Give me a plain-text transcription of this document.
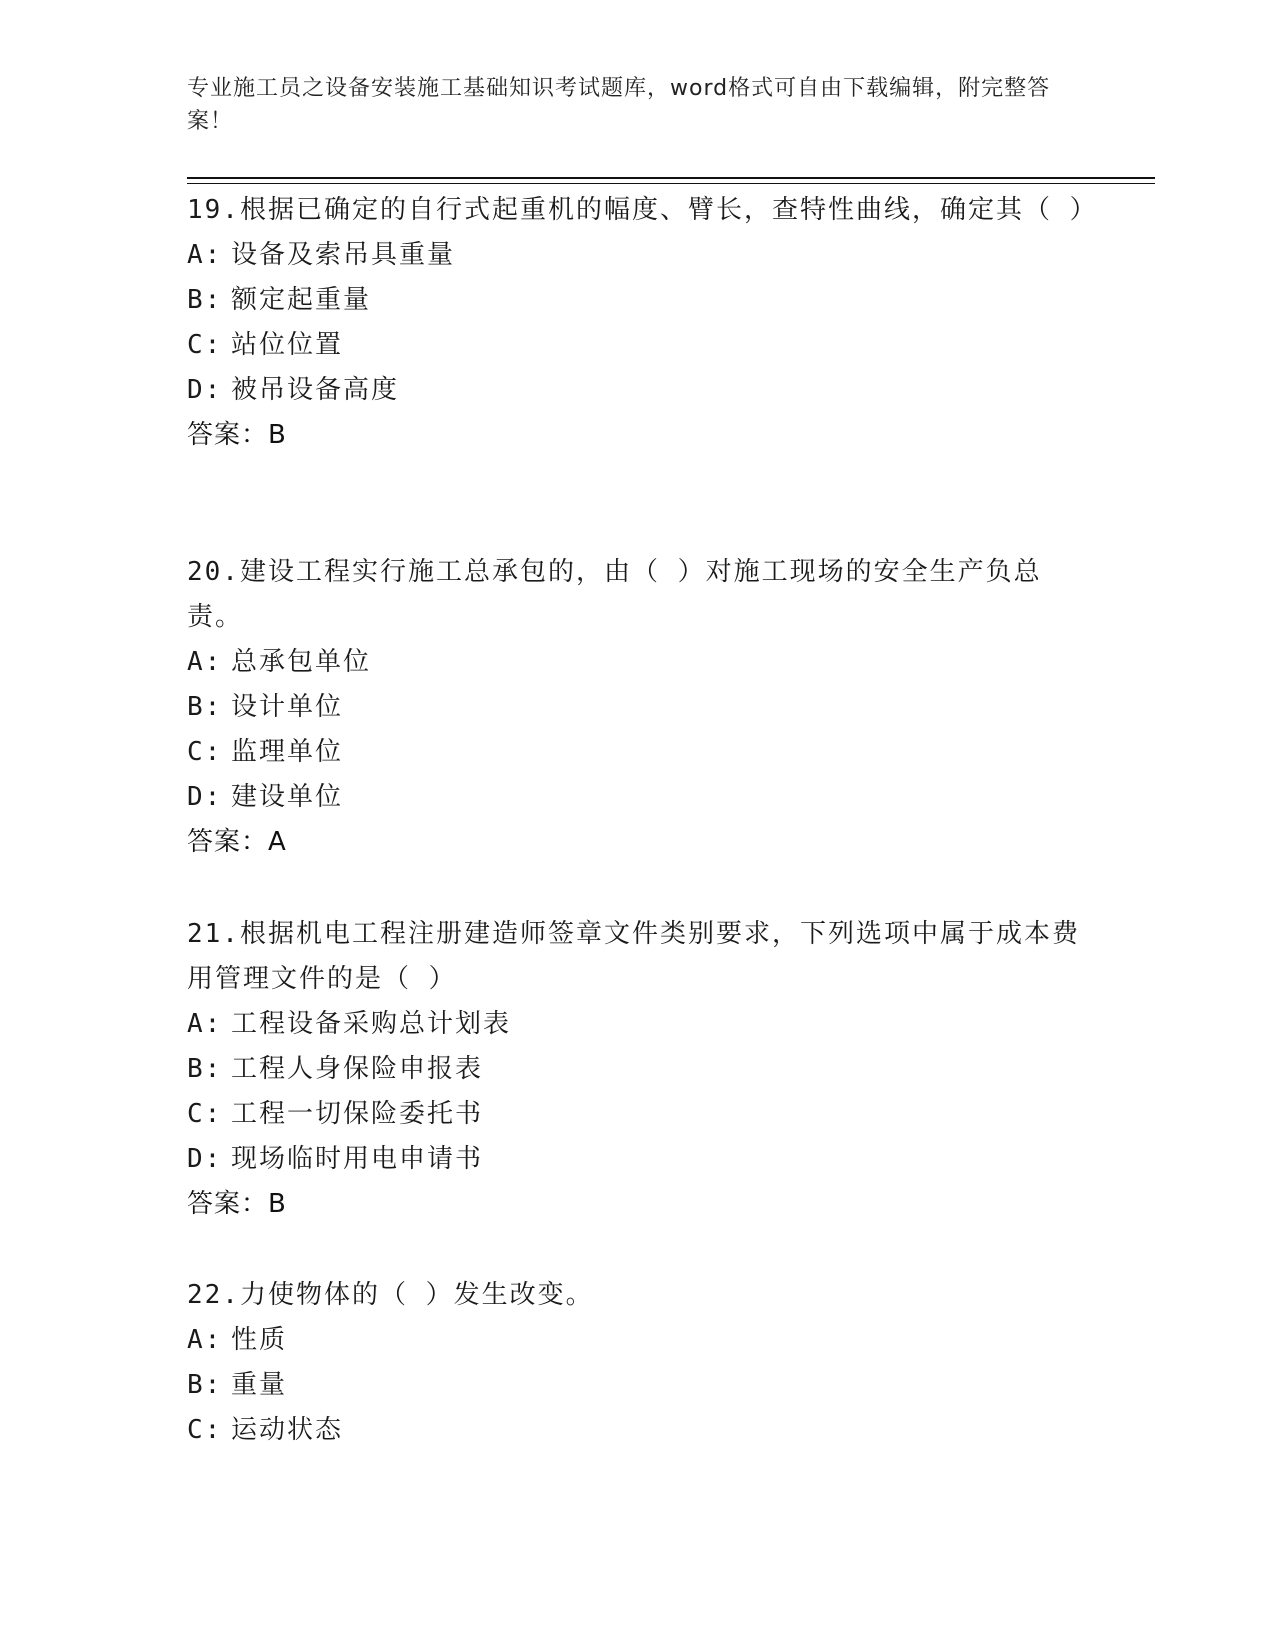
专业施工员之设备安装施工基础知识考试题库，word格式可自由下载编辑，附完整答案！

19.根据已确定的自行式起重机的幅度、臂长，查特性曲线，确定其（ ）

A: 设备及索吊具重量

B: 额定起重量

C: 站位位置

D: 被吊设备高度

答案：B

20.建设工程实行施工总承包的，由（ ）对施工现场的安全生产负总责。

A: 总承包单位

B: 设计单位

C: 监理单位

D: 建设单位

答案：A

21.根据机电工程注册建造师签章文件类别要求，下列选项中属于成本费用管理文件的是（ ）

A: 工程设备采购总计划表

B: 工程人身保险申报表

C: 工程一切保险委托书

D: 现场临时用电申请书

答案：B

22.力使物体的（ ）发生改变。

A: 性质

B: 重量

C: 运动状态
